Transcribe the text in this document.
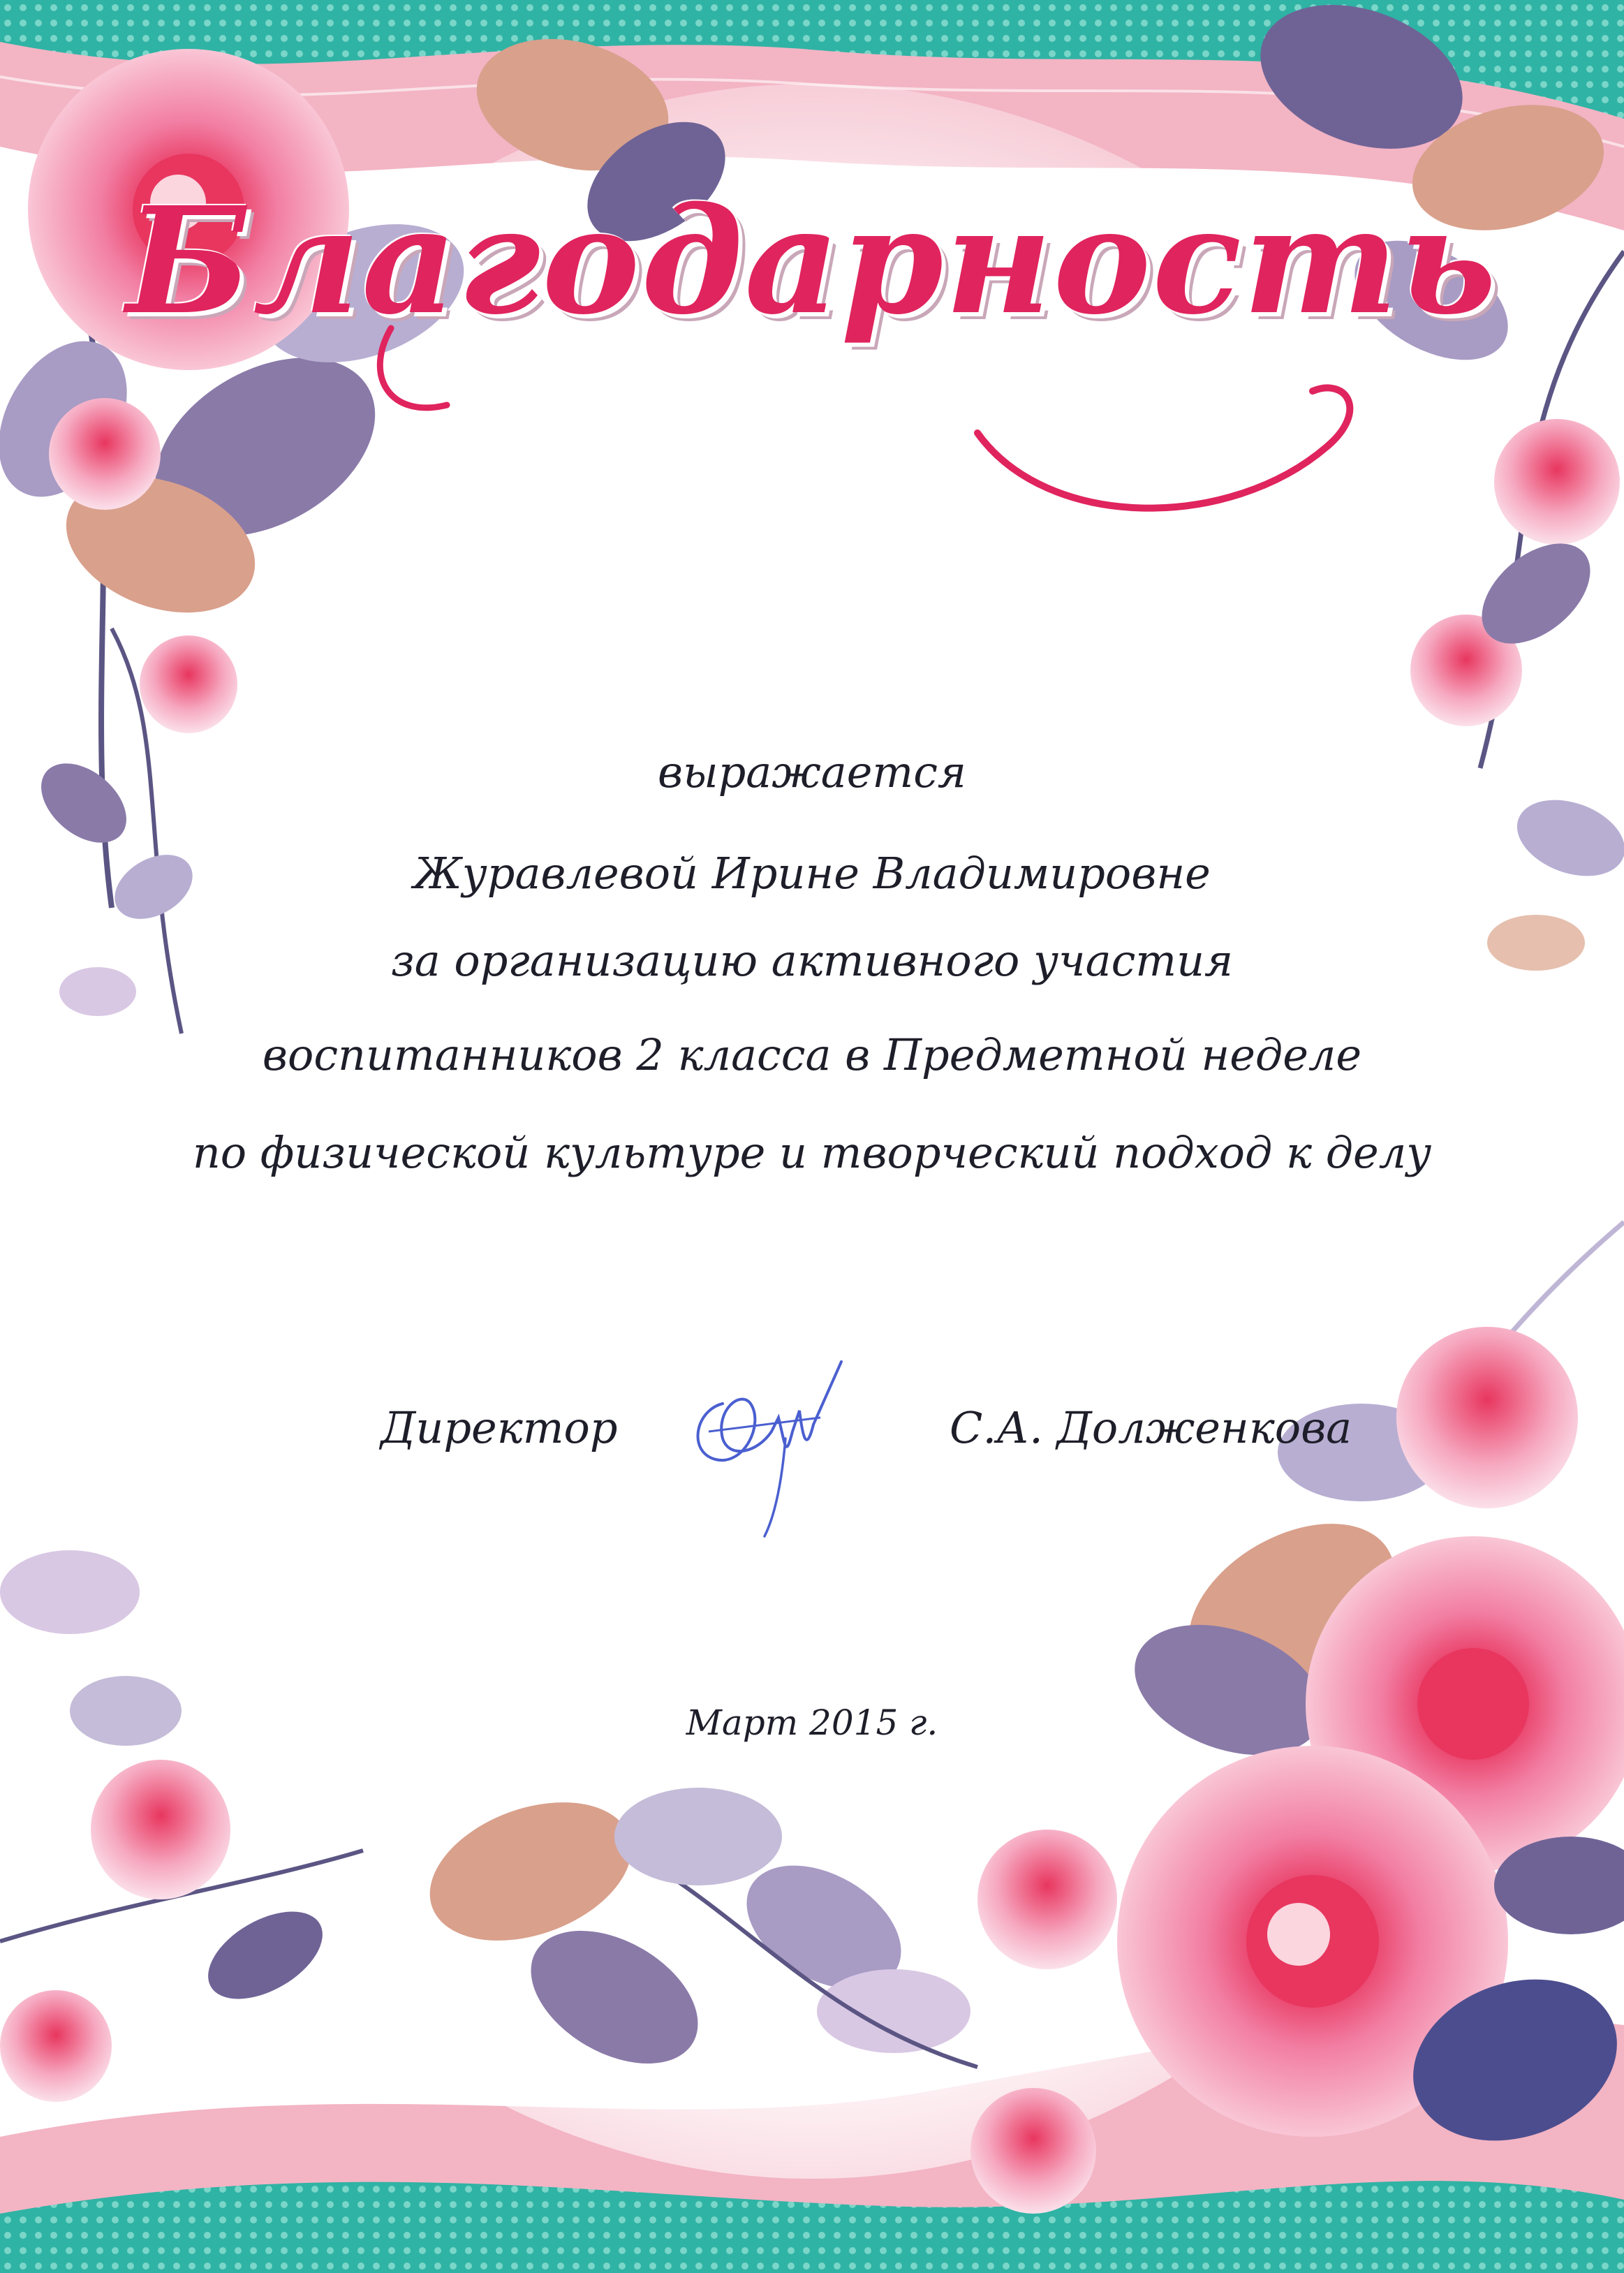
Благодарность
выражается
Журавлевой Ирине Владимировне
за организацию активного участия
воспитанников 2 класса в Предметной неделе
по физической культуре и творческий подход к делу
Директор	С.А. Долженкова
Март 2015 г.
